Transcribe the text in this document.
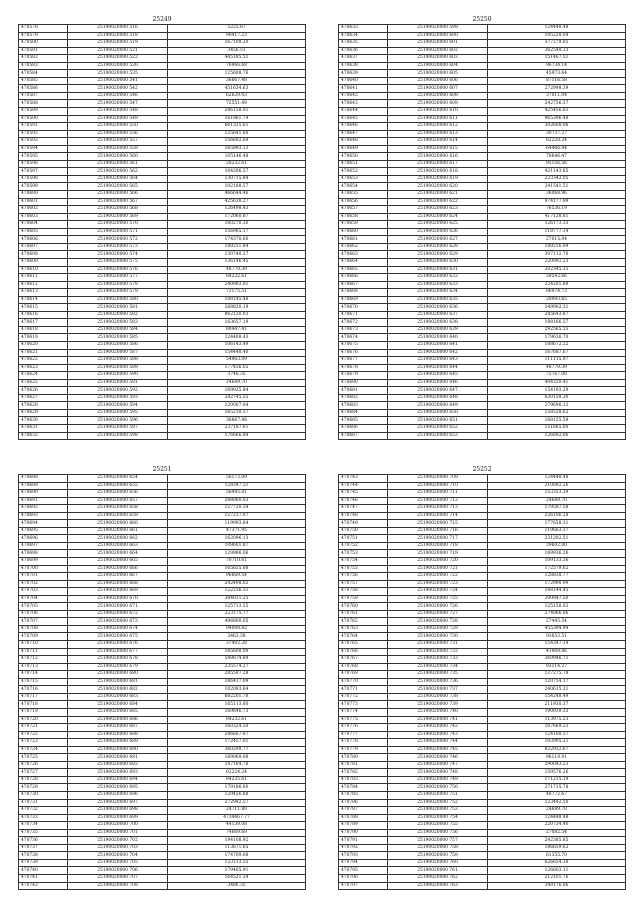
25249
470578	25190020000 516	5225.87
470579	25190020000 518	90417.23
470580	25190020000 519	167108.20
470581	25190020000 521	3456.51
470582	25190020000 522	445185.51
470583	25190020000 530	76966.68
470584	25190020000 535	125608.76
470585	25190020000 541	36667.48
470586	25190020000 542	451634.63
470587	25190020000 546	62629.03
470588	25190020000 547	72551.49
470589	25190020000 548	246158.01
470590	25190020000 549	161961.74
470591	25190020000 550	661335.61
470592	25190020000 556	125641.60
470593	25190020000 557	156602.69
470594	25190020000 559	165993.13
470595	25190020000 560	105146.48
470596	25190020000 561	28232.61
470597	25190020000 562	104286.57
470598	25190020000 564	130715.84
470599	25190020000 565	102188.57
470600	25190020000 566	466644.46
470601	25190020000 567	425638.27
470602	25190020000 568	126498.43
470603	25190020000 569	172060.87
470604	25190020000 570	160270.30
470605	25190020000 571	156965.17
470606	25190020000 572	174370.60
470607	25190020000 573	189251.84
470608	25190020000 574	130740.37
470609	25190020000 575	136146.45
470610	25190020000 576	48779.39
470611	25190020000 577	84232.61
470612	25190020000 578	240983.01
470613	25190020000 579	72175.51
470614	25190020000 580	108145.48
470615	25190020000 581	268820.19
470616	25190020000 582	862120.03
470617	25190020000 583	163657.19
470618	25190020000 584	80447.41
470619	25190020000 585	124408.43
470620	25190020000 586	106143.49
470621	25190020000 587	154448.40
470622	25190020000 588	54963.09
470623	25190020000 589	177456.02
470624	25190020000 590	3746.35
470625	25190020000 591	24689.70
470626	25190020000 592	169925.84
470627	25190020000 593	242745.55
470628	25190020000 594	120007.04
470629	25190020000 595	165210.37
470630	25190020000 596	36667.48
470631	25190020000 597	237187.61
470632	25190020000 598	176666.84
25250
470633	25190020000 599	124448.48
470634	25190020000 600	195228.04
470635	25190020000 601	377279.85
470636	25190020000 602	362548.33
470637	25190020000 603	151467.51
470638	25190020000 604	96734.14
470639	25190020000 605	45973.64
470640	25190020000 606	87116.58
470641	25190020000 607	272998.39
470642	25190020000 608	37011.04
470643	25190020000 609	242756.37
470644	25190020000 610	425456.61
470645	25190020000 611	965396.48
470646	25190020000 612	302608.06
470647	25190020000 613	30737.27
470648	25190020000 614	62228.24
470649	25190020000 615	64466.84
470650	25190020000 616	78646.47
470651	25190020000 617	95156.56
470652	25190020000 618	421143.85
470653	25190020000 619	223342.05
470654	25190020000 620	241541.51
470655	25190020000 621	36068.96
470656	25190020000 622	974177.99
470657	25190020000 623	76536.19
470658	25190020000 624	417128.81
470659	25190020000 625	126173.33
470660	25190020000 626	118777.14
470661	25190020000 627	27015.04
470662	25190020000 628	189216.09
470663	25190020000 629	307112.76
470664	25190020000 630	220992.23
470665	25190020000 631	202345.35
470666	25190020000 632	59542.66
470667	25190020000 633	224201.89
470668	25190020000 634	86974.73
470669	25190020000 635	20993.65
470670	25190020000 636	249902.31
470671	25190020000 637	245643.87
470672	25190020000 638	188166.57
470673	25190020000 639	292565.55
470674	25190020000 640	179616.70
470675	25190020000 641	188672.22
470676	25190020000 642	167687.67
470677	25190020000 643	111115.97
470678	25190020000 644	48779.39
470679	25190020000 645	72767.08
470680	25190020000 646	404320.41
470681	25190020000 647	154193.29
470682	25190020000 648	630158.30
470683	25190020000 649	279696.12
470684	25190020000 650	158528.62
470685	25190020000 651	168155.59
470686	25190020000 652	151665.00
470687	25190020000 653	126892.06
25251
470688	25190020000 654	56172.09
470689	25190020000 655	128347.51
470690	25190020000 656	56495.81
470691	25190020000 657	298060.03
470692	25190020000 658	127720.34
470693	25190020000 659	127237.07
470694	25190020000 660	119993.64
470695	25190020000 661	47371.95
470696	25190020000 662	162096.13
470697	25190020000 663	109601.87
470698	25190020000 664	129986.06
470699	25190020000 665	70710.61
470700	25190020000 666	165655.08
470701	25190020000 667	96669.54
470702	25190020000 668	242498.02
470703	25190020000 669	122236.51
470704	25190020000 670	384011.25
470705	25190020000 671	125713.55
470706	25190020000 672	223175.77
470707	25190020000 673	496800.05
470708	25190020000 674	94008.82
470709	25190020000 675	3463.38
470710	25190020000 676	37402.28
470711	25190020000 677	185608.09
470712	25190020000 678	549674.84
470713	25190020000 679	235574.27
470714	25190020000 680	285597.28
470715	25190020000 681	186437.09
470716	25190020000 682	102093.64
470717	25190020000 683	682201.78
470718	25190020000 684	165113.80
470719	25190020000 685	169646.73
470720	25190020000 686	84232.61
470721	25190020000 687	160324.50
470722	25190020000 688	246667.87
470723	25190020000 689	172457.01
470724	25190020000 690	360299.77
470725	25190020000 691	169069.08
470726	25190020000 692	147164.78
470727	25190020000 693	62224.24
470728	25190020000 694	84235.61
470729	25190020000 695	179186.60
470730	25190020000 696	129456.88
470731	25190020000 697	272982.57
470732	25190020000 698	24711.80
470733	25190020000 699	4734667.77
470734	25190020000 700	44139.08
470735	25190020000 701	74669.69
470736	25190020000 702	194108.92
470737	25190020000 703	113671.65
470738	25190020000 704	174709.08
470739	25190020000 705	123113.55
470740	25190020000 706	179465.91
470741	25190020000 707	164521.34
470742	25190020000 708	3486.35
25252
470743	25190020000 709	124448.48
470744	25190020000 710	210892.26
470745	25190020000 711	153353.39
470746	25190020000 712	24689.70
470747	25190020000 713	179587.58
470748	25190020000 714	226106.28
470749	25190020000 715	177658.31
470750	25190020000 716	119663.37
470751	25190020000 717	231202.51
470752	25190020000 718	39602.00
470753	25190020000 719	169936.26
470754	25190020000 720	109133.36
470755	25190020000 721	172579.62
470756	25190020000 722	128838.77
470757	25190020000 723	172990.99
470758	25190020000 724	148144.45
470759	25190020000 725	200847.50
470760	25190020000 726	125158.02
470761	25190020000 727	274066.86
470762	25190020000 728	27445.54
470763	25190020000 729	455394.94
470764	25190020000 730	93653.51
470765	25190020000 731	154347.14
470766	25190020000 732	41969.86
470767	25190020000 733	369946.71
470768	25190020000 734	93114.27
470769	25190020000 735	127275.78
470770	25190020000 736	120754.17
470771	25190020000 737	240615.21
470772	25190020000 738	154248.49
470773	25190020000 739	211930.37
470774	25190020000 740	190939.33
470775	25190020000 741	113975.23
470776	25190020000 742	107669.23
470777	25190020000 743	124160.37
470778	25190020000 744	103995.21
470779	25190020000 745	822932.67
470780	25190020000 746	96118.91
470781	25190020000 747	290043.23
470782	25190020000 748	159576.26
470783	25190020000 749	171215.19
470784	25190020000 750	271715.78
470785	25190020000 751	48772.67
470786	25190020000 752	123442.50
470787	25190020000 753	24689.70
470788	25190020000 754	124448.48
470789	25190020000 755	220734.40
470790	25190020000 756	27082.54
470791	25190020000 757	242385.85
470792	25190020000 758	186659.62
470793	25190020000 759	61355.70
470794	25190020000 760	626654.38
470795	25190020000 761	126603.11
470796	25190020000 762	212101.76
470797	25190020000 763	348176.86
